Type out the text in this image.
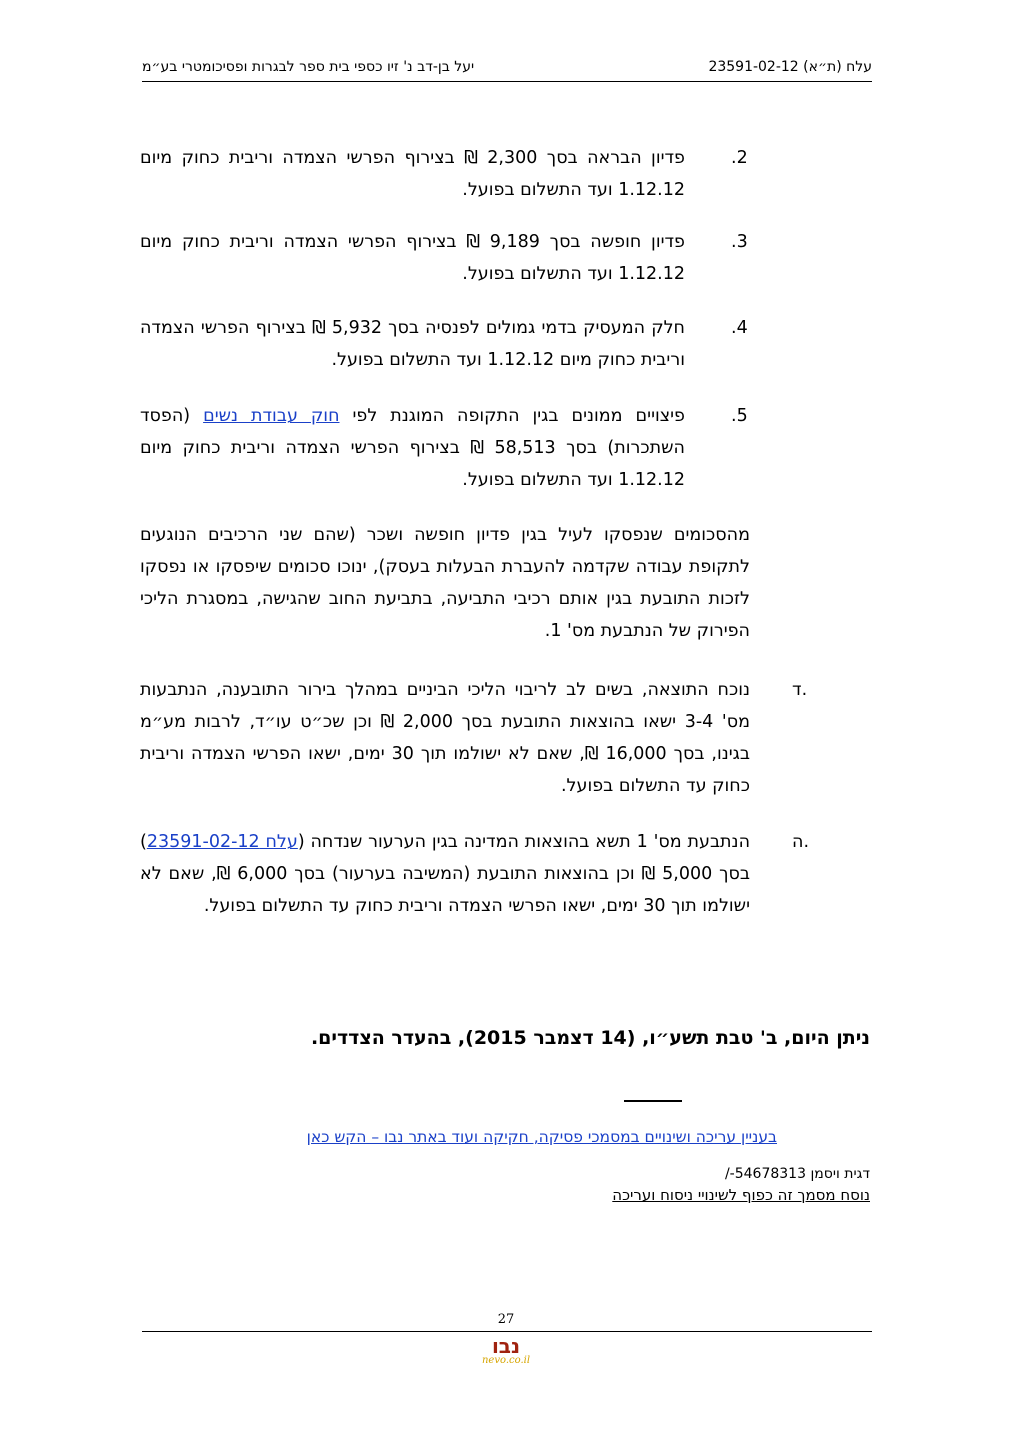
עלח (ת״א) 23591-02-12
יעל בן-דב נ' זיו כספי בית ספר לבגרות ופסיכומטרי בע״מ
.2
פדיון הבראה בסך 2,300 ₪ בצירוף הפרשי הצמדה וריבית כחוק מיום 1.12.12 ועד התשלום בפועל.
.3
פדיון חופשה בסך 9,189 ₪ בצירוף הפרשי הצמדה וריבית כחוק מיום 1.12.12 ועד התשלום בפועל.
.4
חלק המעסיק בדמי גמולים לפנסיה בסך 5,932 ₪ בצירוף הפרשי הצמדה וריבית כחוק מיום 1.12.12 ועד התשלום בפועל.
.5
פיצויים ממונים בגין התקופה המוגנת לפי חוק עבודת נשים (הפסד השתכרות) בסך 58,513 ₪ בצירוף הפרשי הצמדה וריבית כחוק מיום 1.12.12 ועד התשלום בפועל.
מהסכומים שנפסקו לעיל בגין פדיון חופשה ושכר (שהם שני הרכיבים הנוגעים לתקופת עבודה שקדמה להעברת הבעלות בעסק), ינוכו סכומים שיפסקו או נפסקו לזכות התובעת בגין אותם רכיבי התביעה, בתביעת החוב שהגישה, במסגרת הליכי הפירוק של הנתבעת מס' 1.
ד.
נוכח התוצאה, בשים לב לריבוי הליכי הביניים במהלך בירור התובענה, הנתבעות מס' 3-4 ישאו בהוצאות התובעת בסך 2,000 ₪ וכן שכ״ט עו״ד, לרבות מע״מ בגינו, בסך 16,000 ₪, שאם לא ישולמו תוך 30 ימים, ישאו הפרשי הצמדה וריבית כחוק עד התשלום בפועל.
ה.
הנתבעת מס' 1 תשא בהוצאות המדינה בגין הערעור שנדחה (עלח 23591-02-12) בסך 5,000 ₪ וכן בהוצאות התובעת (המשיבה בערעור) בסך 6,000 ₪, שאם לא ישולמו תוך 30 ימים, ישאו הפרשי הצמדה וריבית כחוק עד התשלום בפועל.
ניתן היום, ב' טבת תשע״ו, (14 דצמבר 2015), בהעדר הצדדים.
בעניין עריכה ושינויים במסמכי פסיקה, חקיקה ועוד באתר נבו – הקש כאן
דגית ויסמן 54678313-/
נוסח מסמך זה כפוף לשינויי ניסוח ועריכה
27
נבו
nevo.co.il
